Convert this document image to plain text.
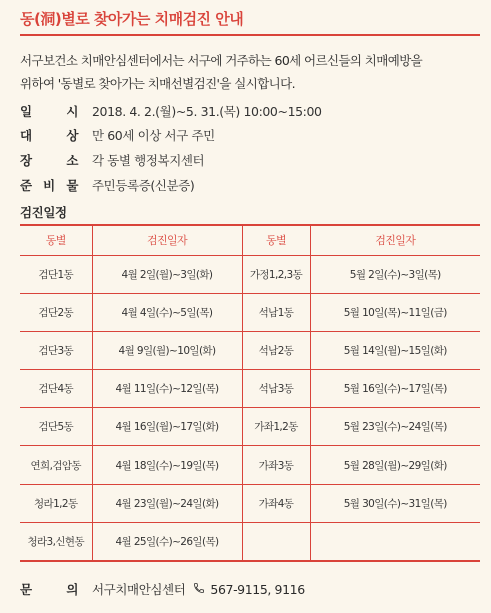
동(洞)별로 찾아가는 치매검진 안내
서구보건소 치매안심센터에서는 서구에 거주하는 60세 어르신들의 치매예방을
위하여 '동별로 찾아가는 치매선별검진'을 실시합니다.
일	시 2018. 4. 2.(월)~5. 31.(목) 10:00~15:00
대	상 만 60세 이상 서구 주민
장	소 각 동별 행정복지센터
준 비 물 주민등록증(신분증)
검진일정
동별	검진일자	동별	검진일자
검단1동	4월 2일(월)~3일(화)	가정1,2,3동	5월 2일(수)~3일(목)
검단2동	4월 4일(수)~5일(목)	석남1동	5월 10일(목)~11일(금)
검단3동	4월 9일(월)~10일(화)	석남2동	5월 14일(월)~15일(화)
검단4동	4월 11일(수)~12일(목)	석남3동	5월 16일(수)~17일(목)
검단5동	4월 16일(월)~17일(화)	가좌1,2동	5월 23일(수)~24일(목)
연희,검암동	4월 18일(수)~19일(목)	가좌3동	5월 28일(월)~29일(화)
청라1,2동	4월 23일(월)~24일(화)	가좌4동	5월 30일(수)~31일(목)
청라3,신현동	4월 25일(수)~26일(목)		
문	의 서구치매안심센터 567-9115, 9116
